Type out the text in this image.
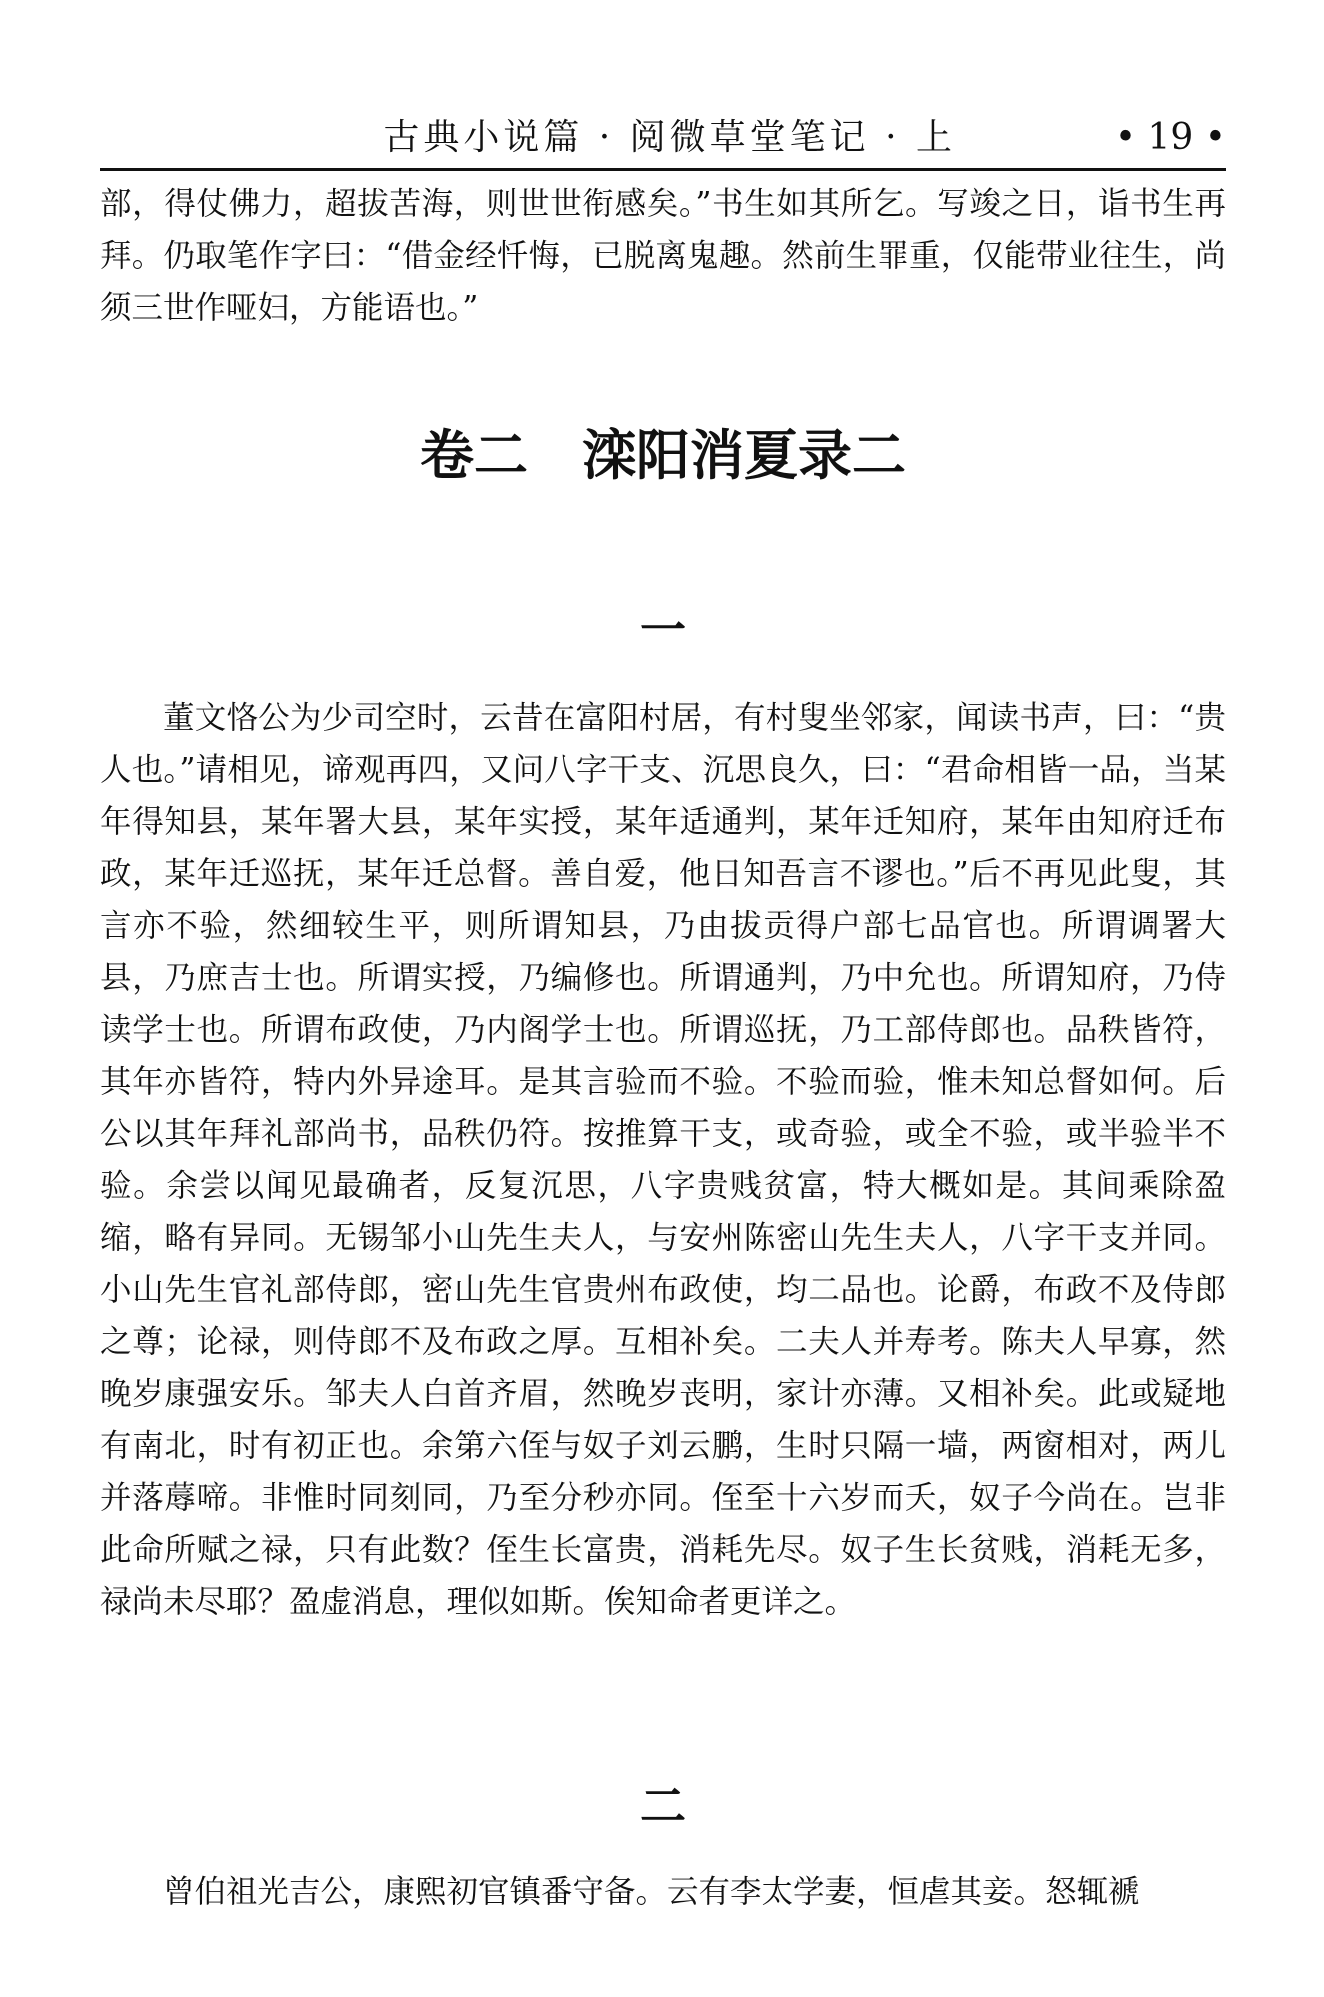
古典小说篇 · 阅微草堂笔记 · 上	• 19 •

部，得仗佛力，超拔苦海，则世世衔感矣。”书生如其所乞。写竣之日，诣书生再拜。仍取笔作字曰：“借金经忏悔，已脱离鬼趣。然前生罪重，仅能带业往生，尚须三世作哑妇，方能语也。”

卷二　滦阳消夏录二
一

董文恪公为少司空时，云昔在富阳村居，有村叟坐邻家，闻读书声，曰：“贵人也。”请相见，谛观再四，又问八字干支、沉思良久，曰：“君命相皆一品，当某年得知县，某年署大县，某年实授，某年适通判，某年迁知府，某年由知府迁布政，某年迁巡抚，某年迁总督。善自爱，他日知吾言不谬也。”后不再见此叟，其言亦不验，然细较生平，则所谓知县，乃由拔贡得户部七品官也。所谓调署大县，乃庶吉士也。所谓实授，乃编修也。所谓通判，乃中允也。所谓知府，乃侍读学士也。所谓布政使，乃内阁学士也。所谓巡抚，乃工部侍郎也。品秩皆符，其年亦皆符，特内外异途耳。是其言验而不验。不验而验，惟未知总督如何。后公以其年拜礼部尚书，品秩仍符。按推算干支，或奇验，或全不验，或半验半不验。余尝以闻见最确者，反复沉思，八字贵贱贫富，特大概如是。其间乘除盈缩，略有异同。无锡邹小山先生夫人，与安州陈密山先生夫人，八字干支并同。小山先生官礼部侍郎，密山先生官贵州布政使，均二品也。论爵，布政不及侍郎之尊；论禄，则侍郎不及布政之厚。互相补矣。二夫人并寿考。陈夫人早寡，然晚岁康强安乐。邹夫人白首齐眉，然晚岁丧明，家计亦薄。又相补矣。此或疑地有南北，时有初正也。余第六侄与奴子刘云鹏，生时只隔一墙，两窗相对，两儿并落蓐啼。非惟时同刻同，乃至分秒亦同。侄至十六岁而夭，奴子今尚在。岂非此命所赋之禄，只有此数？侄生长富贵，消耗先尽。奴子生长贫贱，消耗无多，禄尚未尽耶？盈虚消息，理似如斯。俟知命者更详之。

二

曾伯祖光吉公，康熙初官镇番守备。云有李太学妻，恒虐其妾。怒辄褫
